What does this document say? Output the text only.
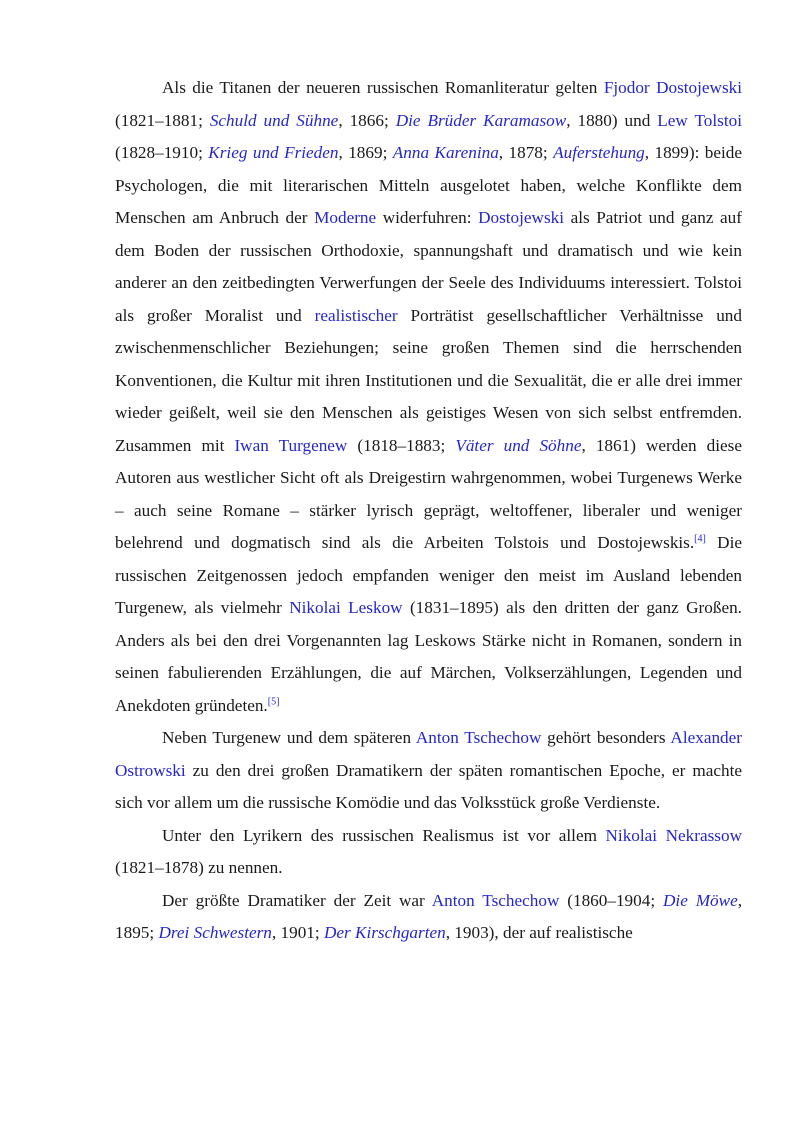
Als die Titanen der neueren russischen Romanliteratur gelten Fjodor Dostojewski (1821–1881; Schuld und Sühne, 1866; Die Brüder Karamasow, 1880) und Lew Tolstoi (1828–1910; Krieg und Frieden, 1869; Anna Karenina, 1878; Auferstehung, 1899): beide Psychologen, die mit literarischen Mitteln ausgelotet haben, welche Konflikte dem Menschen am Anbruch der Moderne widerfuhren: Dostojewski als Patriot und ganz auf dem Boden der russischen Orthodoxie, spannungshaft und dramatisch und wie kein anderer an den zeitbedingten Verwerfungen der Seele des Individuums interessiert. Tolstoi als großer Moralist und realistischer Porträtist gesellschaftlicher Verhältnisse und zwischenmenschlicher Beziehungen; seine großen Themen sind die herrschenden Konventionen, die Kultur mit ihren Institutionen und die Sexualität, die er alle drei immer wieder geißelt, weil sie den Menschen als geistiges Wesen von sich selbst entfremden. Zusammen mit Iwan Turgenew (1818–1883; Väter und Söhne, 1861) werden diese Autoren aus westlicher Sicht oft als Dreigestirn wahrgenommen, wobei Turgenews Werke – auch seine Romane – stärker lyrisch geprägt, weltoffener, liberaler und weniger belehrend und dogmatisch sind als die Arbeiten Tolstois und Dostojewskis.[4] Die russischen Zeitgenossen jedoch empfanden weniger den meist im Ausland lebenden Turgenew, als vielmehr Nikolai Leskow (1831–1895) als den dritten der ganz Großen. Anders als bei den drei Vorgenannten lag Leskows Stärke nicht in Romanen, sondern in seinen fabulierenden Erzählungen, die auf Märchen, Volkserzählungen, Legenden und Anekdoten gründeten.[5]

Neben Turgenew und dem späteren Anton Tschechow gehört besonders Alexander Ostrowski zu den drei großen Dramatikern der späten romantischen Epoche, er machte sich vor allem um die russische Komödie und das Volksstück große Verdienste.

Unter den Lyrikern des russischen Realismus ist vor allem Nikolai Nekrassow (1821–1878) zu nennen.

Der größte Dramatiker der Zeit war Anton Tschechow (1860–1904; Die Möwe, 1895; Drei Schwestern, 1901; Der Kirschgarten, 1903), der auf realistische
